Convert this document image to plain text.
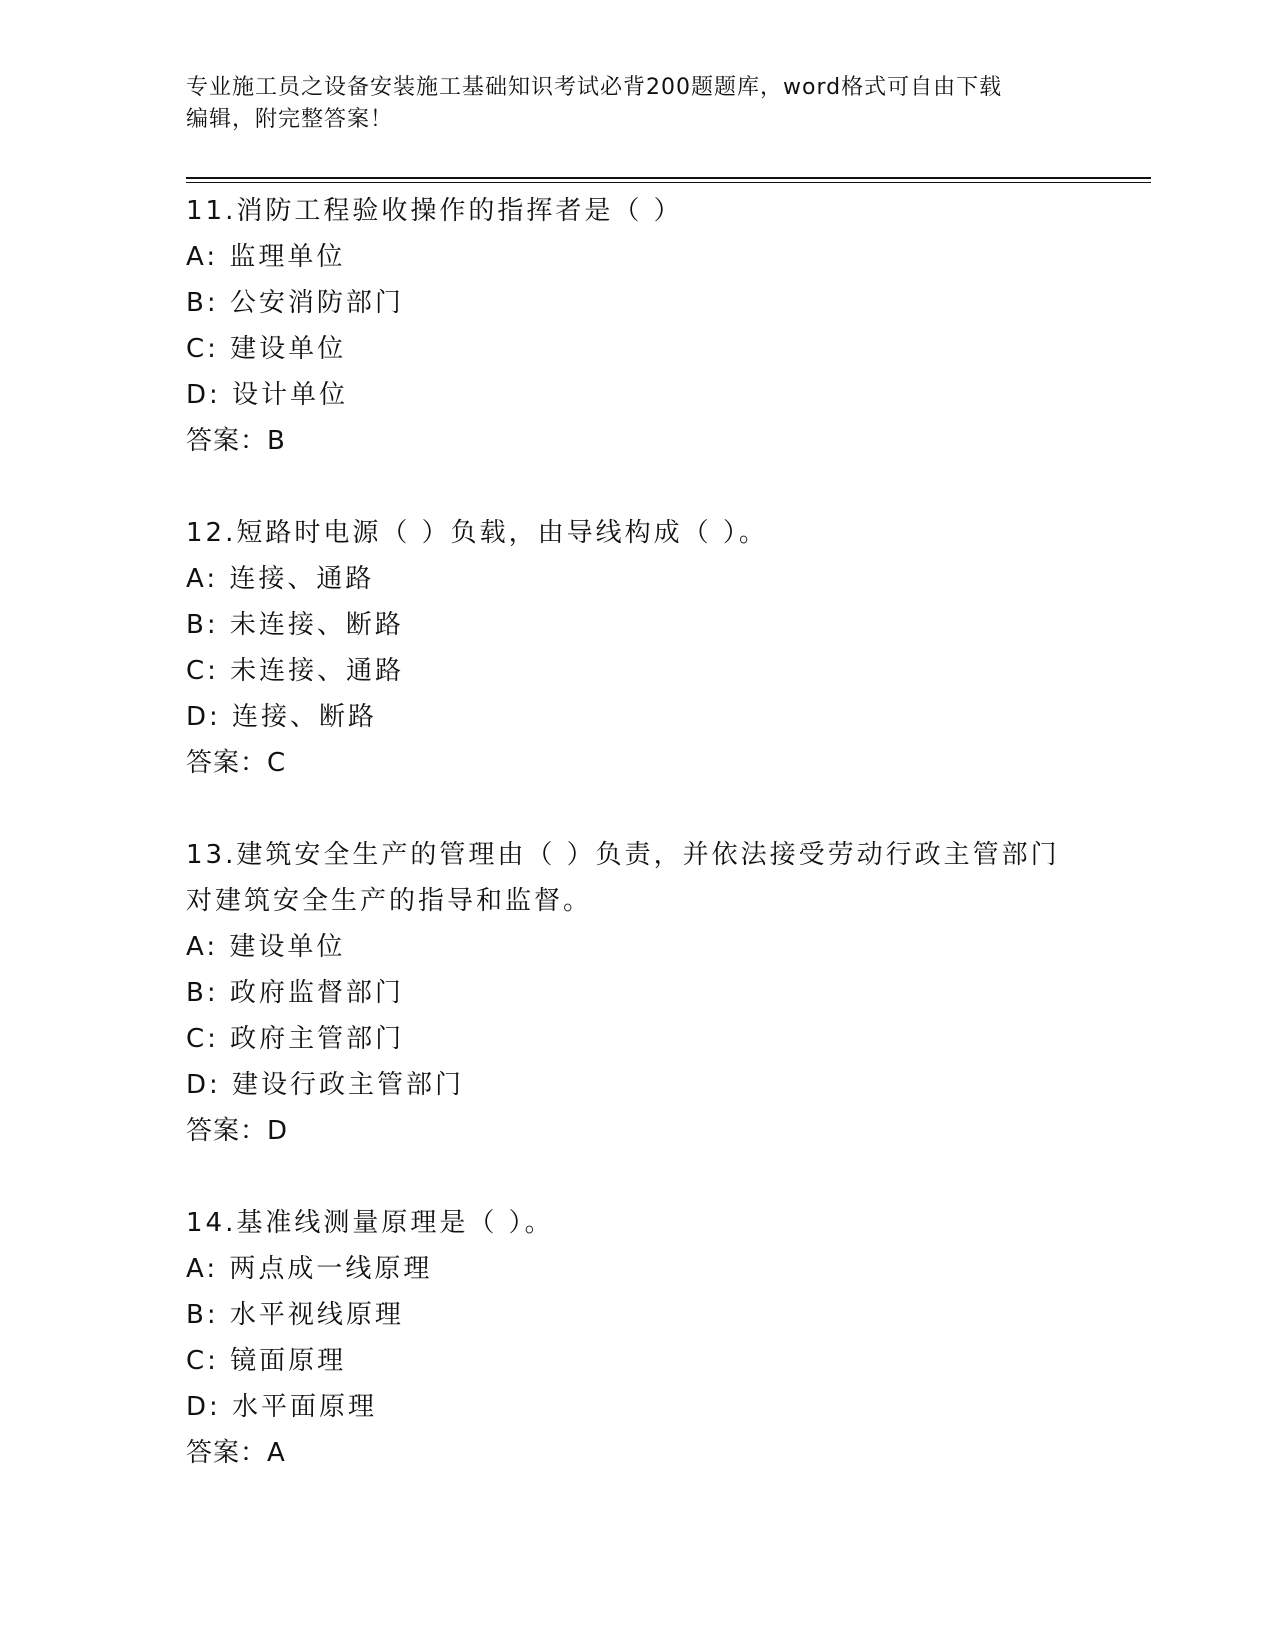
专业施工员之设备安装施工基础知识考试必背200题题库，word格式可自由下载
编辑，附完整答案！
11.消防工程验收操作的指挥者是（ ）
A: 监理单位
B: 公安消防部门
C: 建设单位
D: 设计单位
答案：B
12.短路时电源（ ）负载，由导线构成（ ）。
A: 连接、通路
B: 未连接、断路
C: 未连接、通路
D: 连接、断路
答案：C
13.建筑安全生产的管理由（ ）负责，并依法接受劳动行政主管部门
对建筑安全生产的指导和监督。
A: 建设单位
B: 政府监督部门
C: 政府主管部门
D: 建设行政主管部门
答案：D
14.基准线测量原理是（ ）。
A: 两点成一线原理
B: 水平视线原理
C: 镜面原理
D: 水平面原理
答案：A
